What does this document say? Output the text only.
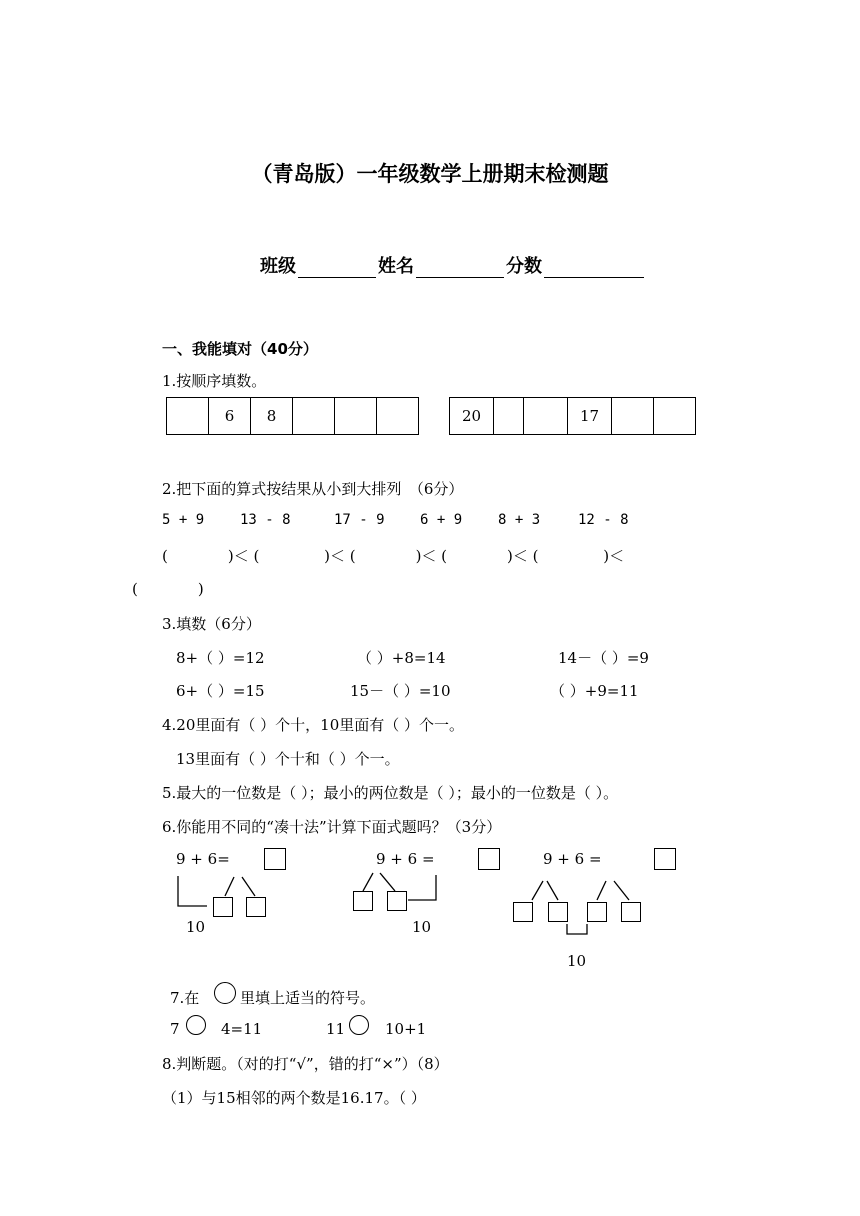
（青岛版）一年级数学上册期末检测题
班级	姓名	分数
一、我能填对（40分）
1.按顺序填数。
	6	8				20			17		
2.把下面的算式按结果从小到大排列　（6分）
5 + 9	13 - 8	17 - 9	6 + 9	8 + 3	12 - 8
(　　　　)＜ (　　　　 )＜ (　　　　)＜ (　　　　)＜ (　　　　 )＜
(　　　　)
3.填数（6分）
8+（ ）=12	（ ）+8=14	14－（ ）=9
6+（ ）=15	15－（ ）=10	（ ）+9=11
4.20里面有（ ）个十，10里面有（ ）个一。
13里面有（ ）个十和（ ）个一。
5.最大的一位数是（ ）；最小的两位数是（ ）；最小的一位数是（ ）。
6.你能用不同的“凑十法”计算下面式题吗？（3分）
9 + 6=	9 + 6 =	9 + 6 =
10	10
10
7.在	里填上适当的符号。
7	4=11	11	10+1
8.判断题。（对的打“√”，错的打“×”）（8）
（1）与15相邻的两个数是16.17。（ ）
